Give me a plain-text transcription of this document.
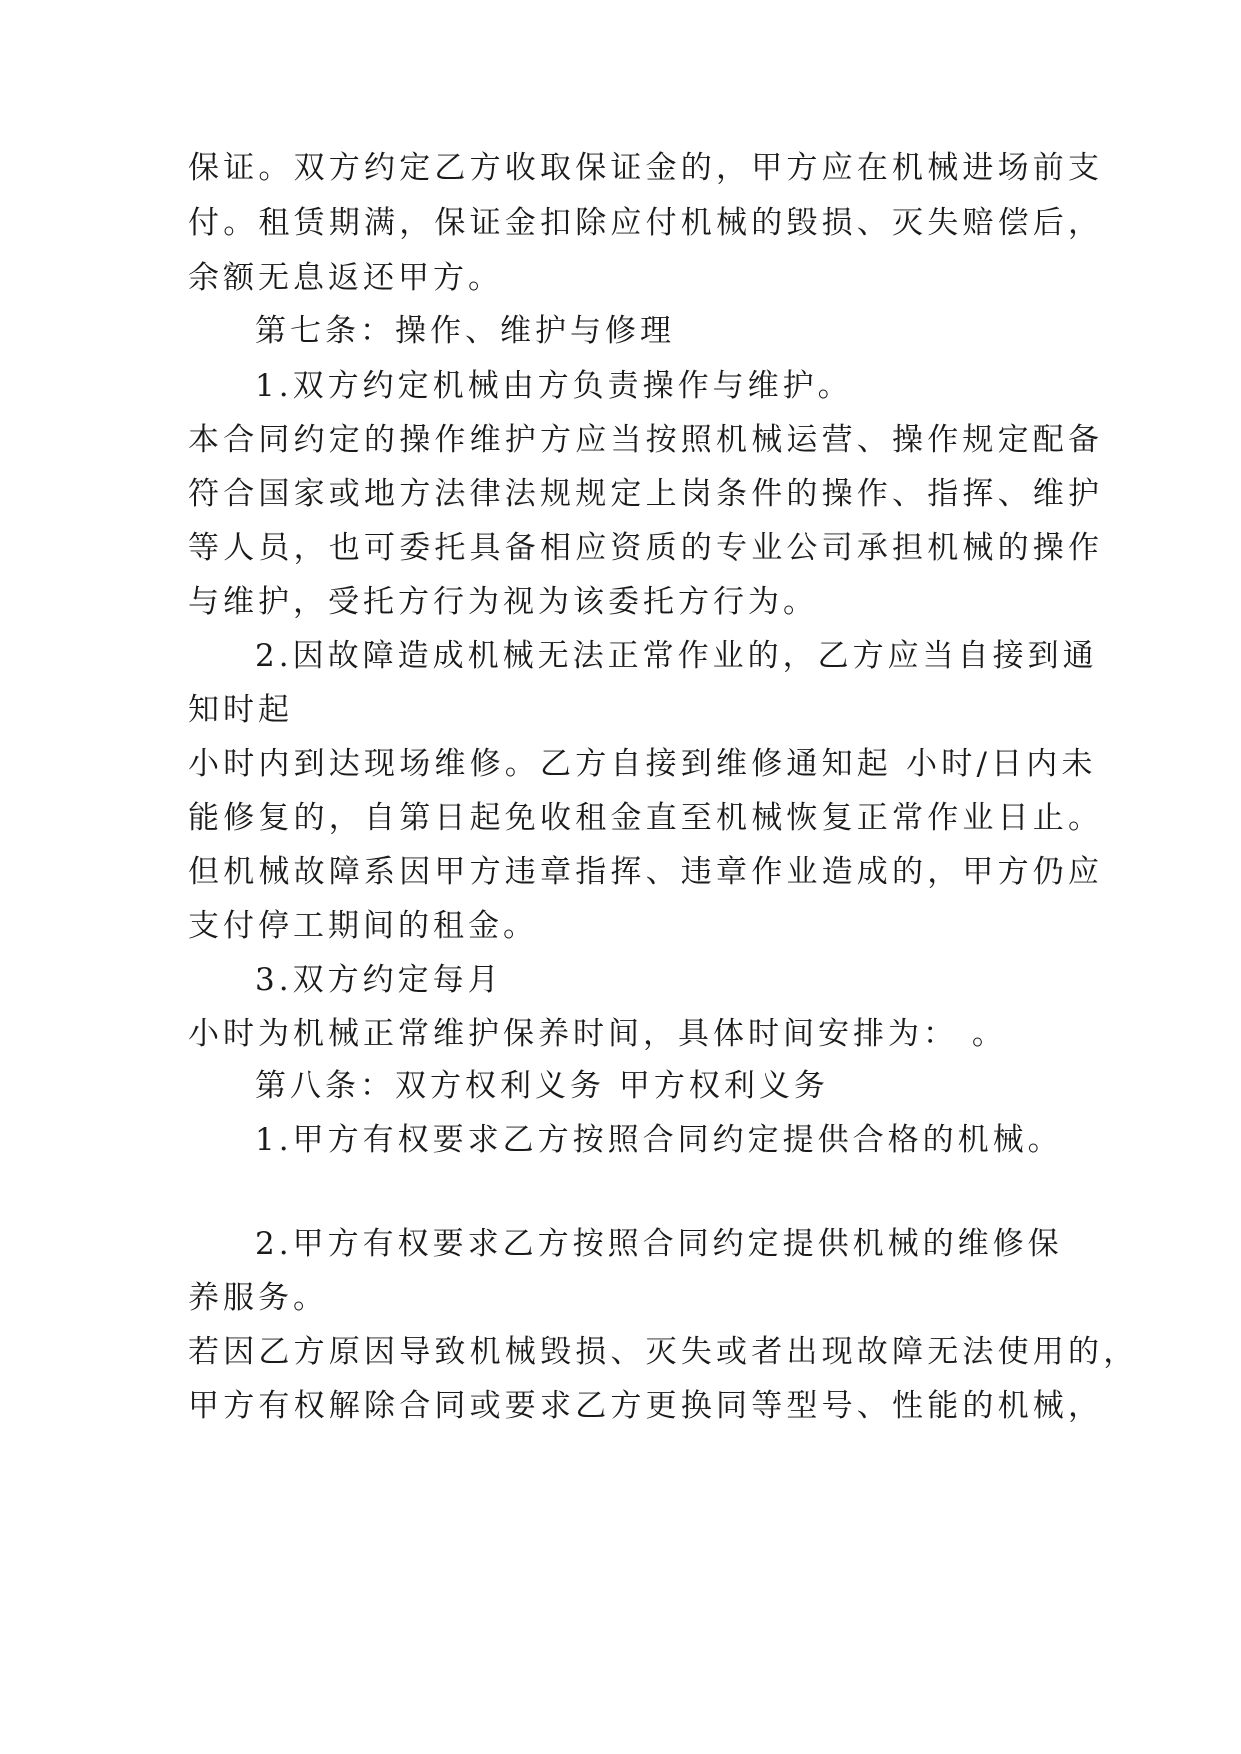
保证。双方约定乙方收取保证金的，甲方应在机械进场前支

付。租赁期满，保证金扣除应付机械的毁损、灭失赔偿后，

余额无息返还甲方。

第七条：操作、维护与修理

1.双方约定机械由方负责操作与维护。

本合同约定的操作维护方应当按照机械运营、操作规定配备

符合国家或地方法律法规规定上岗条件的操作、指挥、维护

等人员，也可委托具备相应资质的专业公司承担机械的操作

与维护，受托方行为视为该委托方行为。

2.因故障造成机械无法正常作业的，乙方应当自接到通

知时起

小时内到达现场维修。乙方自接到维修通知起 小时/日内未

能修复的，自第日起免收租金直至机械恢复正常作业日止。

但机械故障系因甲方违章指挥、违章作业造成的，甲方仍应

支付停工期间的租金。

3.双方约定每月

小时为机械正常维护保养时间，具体时间安排为： 。

第八条：双方权利义务 甲方权利义务

1.甲方有权要求乙方按照合同约定提供合格的机械。

2.甲方有权要求乙方按照合同约定提供机械的维修保

养服务。

若因乙方原因导致机械毁损、灭失或者出现故障无法使用的，

甲方有权解除合同或要求乙方更换同等型号、性能的机械，
